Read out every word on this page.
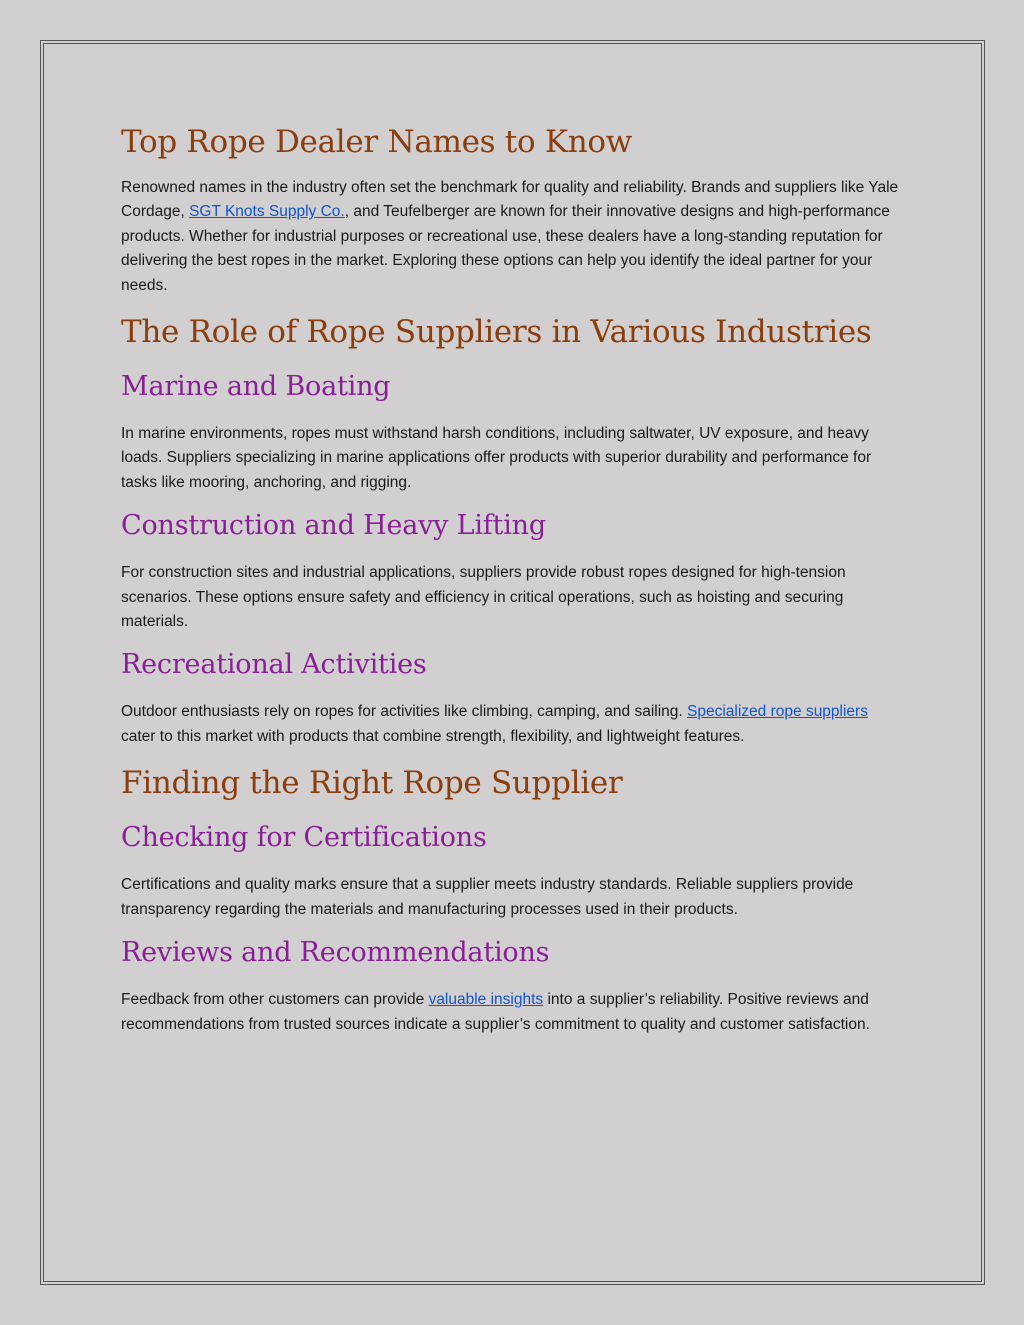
Top Rope Dealer Names to Know

Renowned names in the industry often set the benchmark for quality and reliability. Brands and suppliers like Yale Cordage, SGT Knots Supply Co., and Teufelberger are known for their innovative designs and high-performance products. Whether for industrial purposes or recreational use, these dealers have a long-standing reputation for delivering the best ropes in the market. Exploring these options can help you identify the ideal partner for your needs.

The Role of Rope Suppliers in Various Industries
Marine and Boating

In marine environments, ropes must withstand harsh conditions, including saltwater, UV exposure, and heavy loads. Suppliers specializing in marine applications offer products with superior durability and performance for tasks like mooring, anchoring, and rigging.

Construction and Heavy Lifting

For construction sites and industrial applications, suppliers provide robust ropes designed for high-tension scenarios. These options ensure safety and efficiency in critical operations, such as hoisting and securing materials.

Recreational Activities

Outdoor enthusiasts rely on ropes for activities like climbing, camping, and sailing. Specialized rope suppliers cater to this market with products that combine strength, flexibility, and lightweight features.

Finding the Right Rope Supplier
Checking for Certifications

Certifications and quality marks ensure that a supplier meets industry standards. Reliable suppliers provide transparency regarding the materials and manufacturing processes used in their products.

Reviews and Recommendations

Feedback from other customers can provide valuable insights into a supplier’s reliability. Positive reviews and recommendations from trusted sources indicate a supplier’s commitment to quality and customer satisfaction.
